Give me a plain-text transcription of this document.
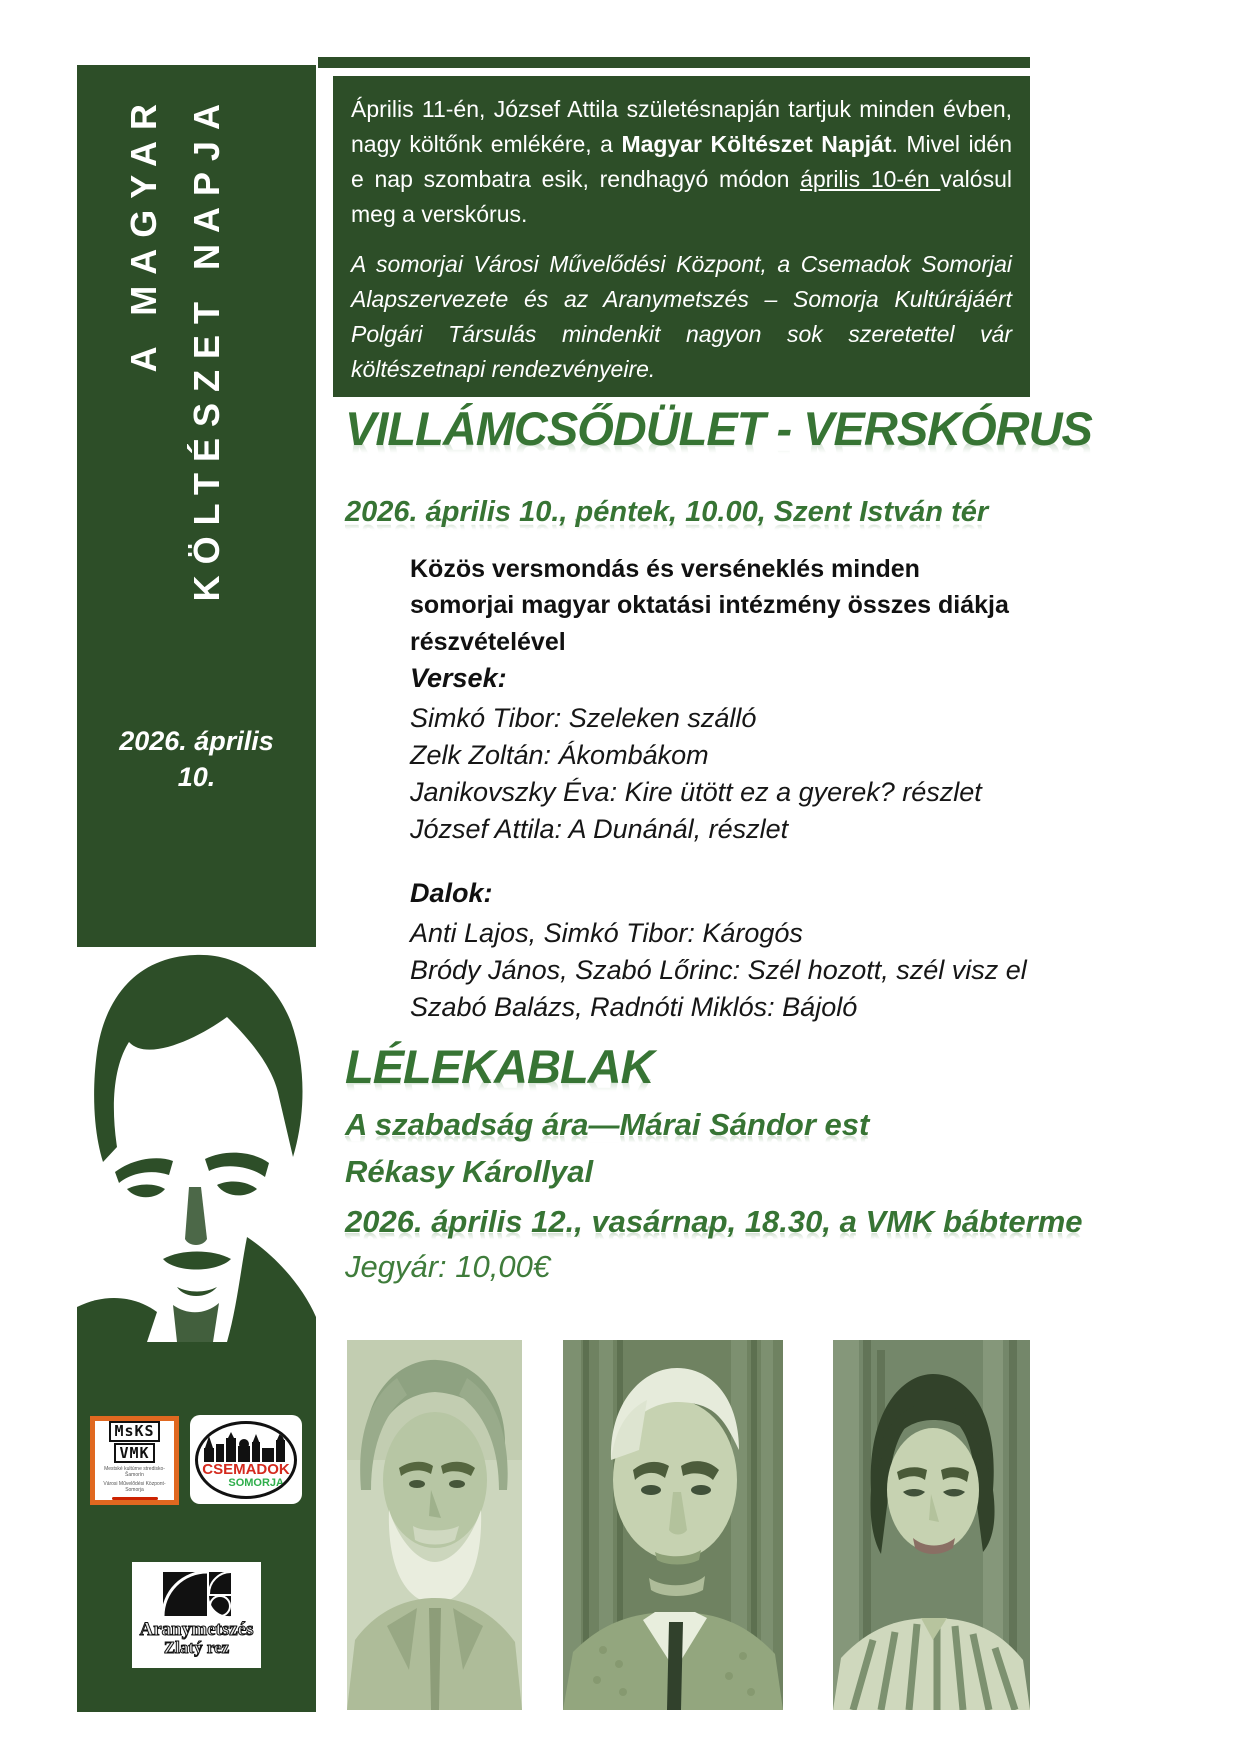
A MAGYAR KÖLTÉSZET NAPJA
2026. április
10.
MsKS
VMK
Mestské kultúrne stredisko-Šamorín
Városi Művelődési Központ-Somorja
CSEMADOK
SOMORJA
Aranymetszés
Zlatý rez

Április 11-én, József Attila születésnapján tartjuk minden évben, nagy költőnk emlékére, a Magyar Költészet Napját. Mivel idén e nap szombatra esik, rendhagyó módon április 10-én valósul meg a verskórus.

A somorjai Városi Művelődési Központ, a Csemadok Somorjai Alapszervezete és az Aranymetszés – Somorja Kultúrájáért Polgári Társulás mindenkit nagyon sok szeretettel vár költészetnapi rendezvényeire.

VILLÁMCSŐDÜLET - VERSKÓRUS
2026. április 10., péntek, 10.00, Szent István tér
Közös versmondás és verséneklés minden somorjai magyar oktatási intézmény összes diákja részvételével
Versek:
Simkó Tibor: Szeleken szálló
Zelk Zoltán: Ákombákom
Janikovszky Éva: Kire ütött ez a gyerek? részlet
József Attila: A Dunánál, részlet
Dalok:
Anti Lajos, Simkó Tibor: Károgós
Bródy János, Szabó Lőrinc: Szél hozott, szél visz el
Szabó Balázs, Radnóti Miklós: Bájoló
LÉLEKABLAK
A szabadság ára—Márai Sándor est
Rékasy Károllyal
2026. április 12., vasárnap, 18.30, a VMK bábterme
Jegyár: 10,00€
